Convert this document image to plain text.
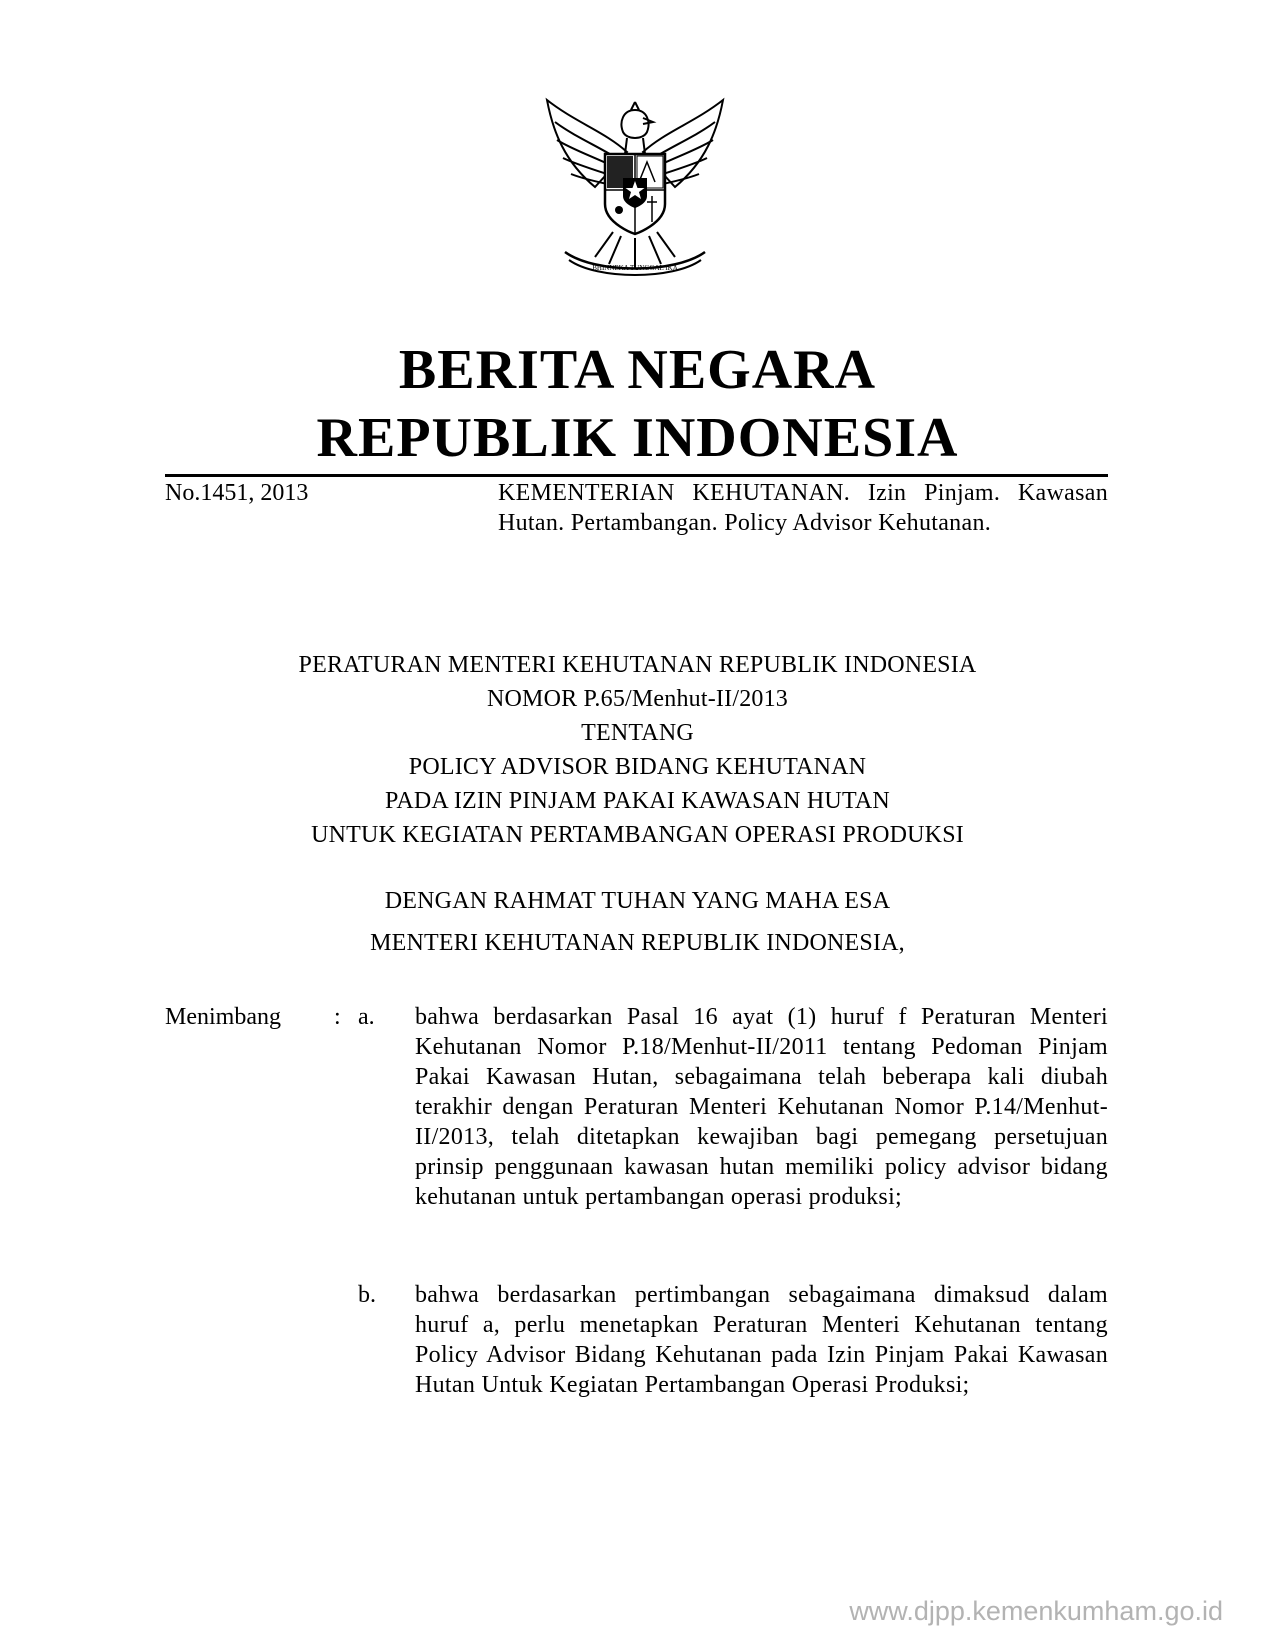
BHINNEKA TUNGGAL IKA
BERITA NEGARA
REPUBLIK INDONESIA
No.1451, 2013	KEMENTERIAN KEHUTANAN. Izin Pinjam. Kawasan Hutan. Pertambangan. Policy Advisor Kehutanan.
PERATURAN MENTERI KEHUTANAN REPUBLIK INDONESIA
NOMOR P.65/Menhut-II/2013
TENTANG
POLICY ADVISOR BIDANG KEHUTANAN
PADA IZIN PINJAM PAKAI KAWASAN HUTAN
UNTUK KEGIATAN PERTAMBANGAN OPERASI PRODUKSI
DENGAN RAHMAT TUHAN YANG MAHA ESA
MENTERI KEHUTANAN REPUBLIK INDONESIA,
Menimbang : a. bahwa berdasarkan Pasal 16 ayat (1) huruf f Peraturan Menteri Kehutanan Nomor P.18/Menhut-II/2011 tentang Pedoman Pinjam Pakai Kawasan Hutan, sebagaimana telah beberapa kali diubah terakhir dengan Peraturan Menteri Kehutanan Nomor P.14/Menhut-II/2013, telah ditetapkan kewajiban bagi pemegang persetujuan prinsip penggunaan kawasan hutan memiliki policy advisor bidang kehutanan untuk pertambangan operasi produksi;
b. bahwa berdasarkan pertimbangan sebagaimana dimaksud dalam huruf a, perlu menetapkan Peraturan Menteri Kehutanan tentang Policy Advisor Bidang Kehutanan pada Izin Pinjam Pakai Kawasan Hutan Untuk Kegiatan Pertambangan Operasi Produksi;
www.djpp.kemenkumham.go.id
